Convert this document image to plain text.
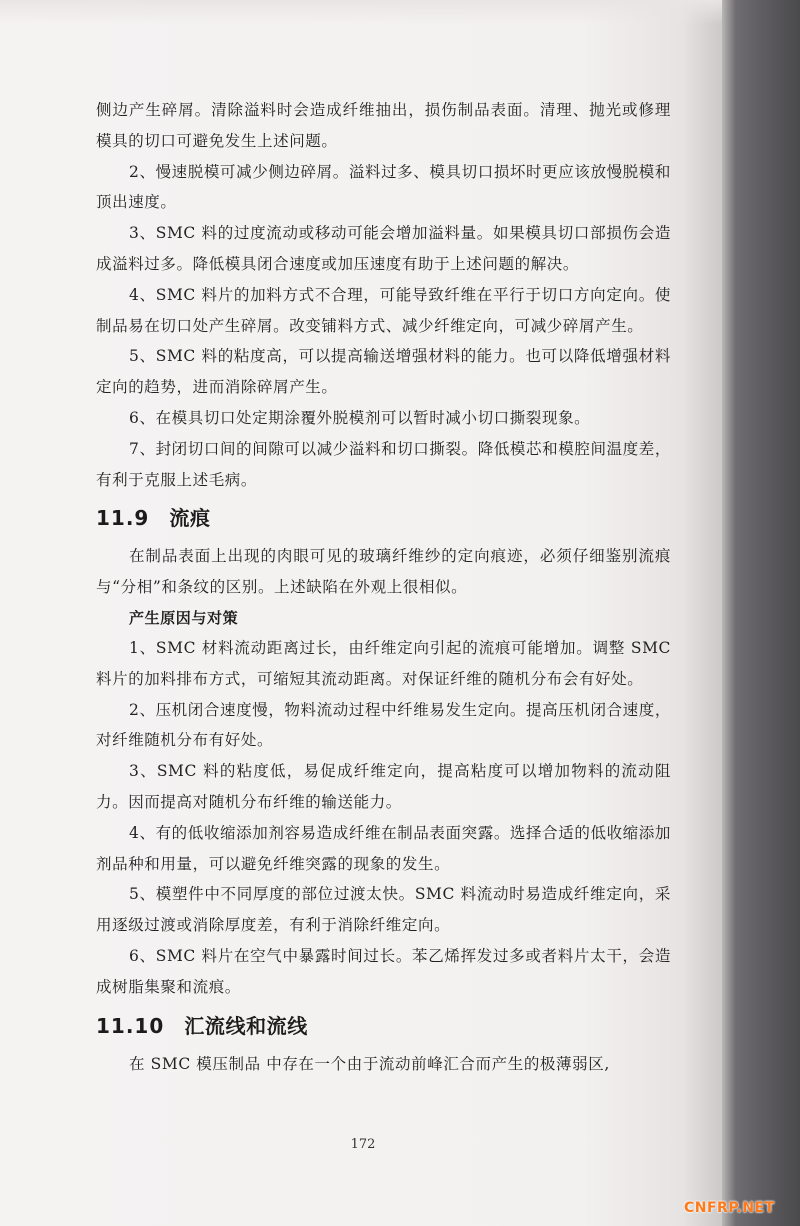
侧边产生碎屑。清除溢料时会造成纤维抽出，损伤制品表面。清理、抛光或修理模具的切口可避免发生上述问题。

2、慢速脱模可减少侧边碎屑。溢料过多、模具切口损坏时更应该放慢脱模和顶出速度。

3、SMC 料的过度流动或移动可能会增加溢料量。如果模具切口部损伤会造成溢料过多。降低模具闭合速度或加压速度有助于上述问题的解决。

4、SMC 料片的加料方式不合理，可能导致纤维在平行于切口方向定向。使制品易在切口处产生碎屑。改变铺料方式、减少纤维定向，可减少碎屑产生。

5、SMC 料的粘度高，可以提高输送增强材料的能力。也可以降低增强材料定向的趋势，进而消除碎屑产生。

6、在模具切口处定期涂覆外脱模剂可以暂时减小切口撕裂现象。

7、封闭切口间的间隙可以减少溢料和切口撕裂。降低模芯和模腔间温度差，有利于克服上述毛病。

11.9 流痕

在制品表面上出现的肉眼可见的玻璃纤维纱的定向痕迹，必须仔细鉴别流痕与“分相”和条纹的区别。上述缺陷在外观上很相似。

产生原因与对策

1、SMC 材料流动距离过长，由纤维定向引起的流痕可能增加。调整 SMC 料片的加料排布方式，可缩短其流动距离。对保证纤维的随机分布会有好处。

2、压机闭合速度慢，物料流动过程中纤维易发生定向。提高压机闭合速度，对纤维随机分布有好处。

3、SMC 料的粘度低，易促成纤维定向，提高粘度可以增加物料的流动阻力。因而提高对随机分布纤维的输送能力。

4、有的低收缩添加剂容易造成纤维在制品表面突露。选择合适的低收缩添加剂品种和用量，可以避免纤维突露的现象的发生。

5、模塑件中不同厚度的部位过渡太快。SMC 料流动时易造成纤维定向，采用逐级过渡或消除厚度差，有利于消除纤维定向。

6、SMC 料片在空气中暴露时间过长。苯乙烯挥发过多或者料片太干，会造成树脂集聚和流痕。

11.10 汇流线和流线

在 SMC 模压制品 中存在一个由于流动前峰汇合而产生的极薄弱区,

172
CNFRP.NET
